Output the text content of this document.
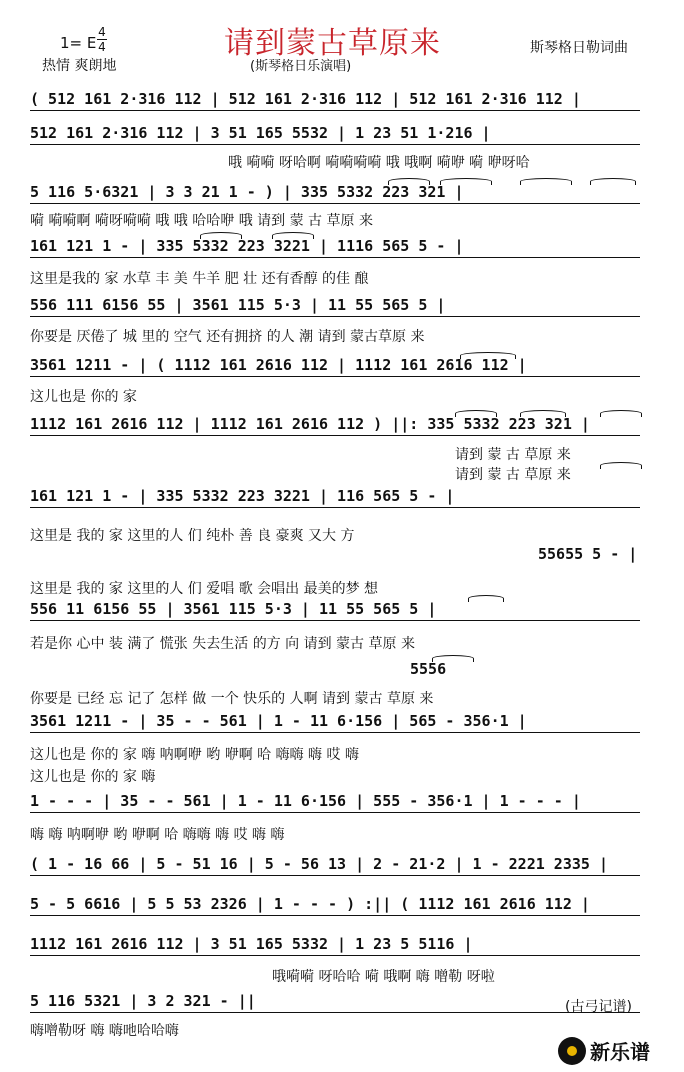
1= E
4
4
热情 爽朗地
请到蒙古草原来
(斯琴格日乐演唱)
斯琴格日勒词曲
( 512 161 2·316 112 | 512 161 2·316 112 | 512 161 2·316 112 |
512 161 2·316 112 | 3 51 165 5532 | 1 23 51 1·216 |
哦 嗬嗬 呀哈啊 嗬嗬嗬嗬 哦 哦啊 嗬咿 嗬 咿呀哈
5 116 5·6321 | 3 3 21 1 - ) | 335 5332 223 321 |
嗬 嗬嗬啊 嗬呀嗬嗬 哦 哦 哈哈咿 哦 请到 蒙 古 草原 来
161 121 1 - | 335 5332 223 3221 | 1116 565 5 - |
这里是我的 家 水草 丰 美 牛羊 肥 壮 还有香醇 的佳 酿
556 111 6156 55 | 3561 115 5·3 | 11 55 565 5 |
你要是 厌倦了 城 里的 空气 还有拥挤 的人 潮 请到 蒙古草原 来
3561 1211 - | ( 1112 161 2616 112 | 1112 161 2616 112 |
这儿也是 你的 家
1112 161 2616 112 | 1112 161 2616 112 ) ||: 335 5332 223 321 |
请到 蒙 古 草原 来
请到 蒙 古 草原 来
161 121 1 - | 335 5332 223 3221 | 116 565 5 - |
这里是 我的 家 这里的人 们 纯朴 善 良 豪爽 又大 方
55655 5 - |
这里是 我的 家 这里的人 们 爱唱 歌 会唱出 最美的梦 想
556 11 6156 55 | 3561 115 5·3 | 11 55 565 5 |
若是你 心中 装 满了 慌张 失去生活 的方 向 请到 蒙古 草原 来
5556
你要是 已经 忘 记了 怎样 做 一个 快乐的 人啊 请到 蒙古 草原 来
3561 1211 - | 35 - - 561 | 1 - 11 6·156 | 565 - 356·1 |
这儿也是 你的 家 嗨 呐啊咿 哟 咿啊 哈 嗨嗨 嗨 哎 嗨
这儿也是 你的 家 嗨
1 - - - | 35 - - 561 | 1 - 11 6·156 | 555 - 356·1 | 1 - - - |
嗨 嗨 呐啊咿 哟 咿啊 哈 嗨嗨 嗨 哎 嗨 嗨
( 1 - 16 66 | 5 - 51 16 | 5 - 56 13 | 2 - 21·2 | 1 - 2221 2335 |
5 - 5 6616 | 5 5 53 2326 | 1 - - - ) :|| ( 1112 161 2616 112 |
1112 161 2616 112 | 3 51 165 5332 | 1 23 5 5116 |
哦嗬嗬 呀哈哈 嗬 哦啊 嗨 噌勒 呀啦
5 116 5321 | 3 2 321 - ||
嗨噌勒呀 嗨 嗨吔哈哈嗨
(古弓记谱)
新乐谱
